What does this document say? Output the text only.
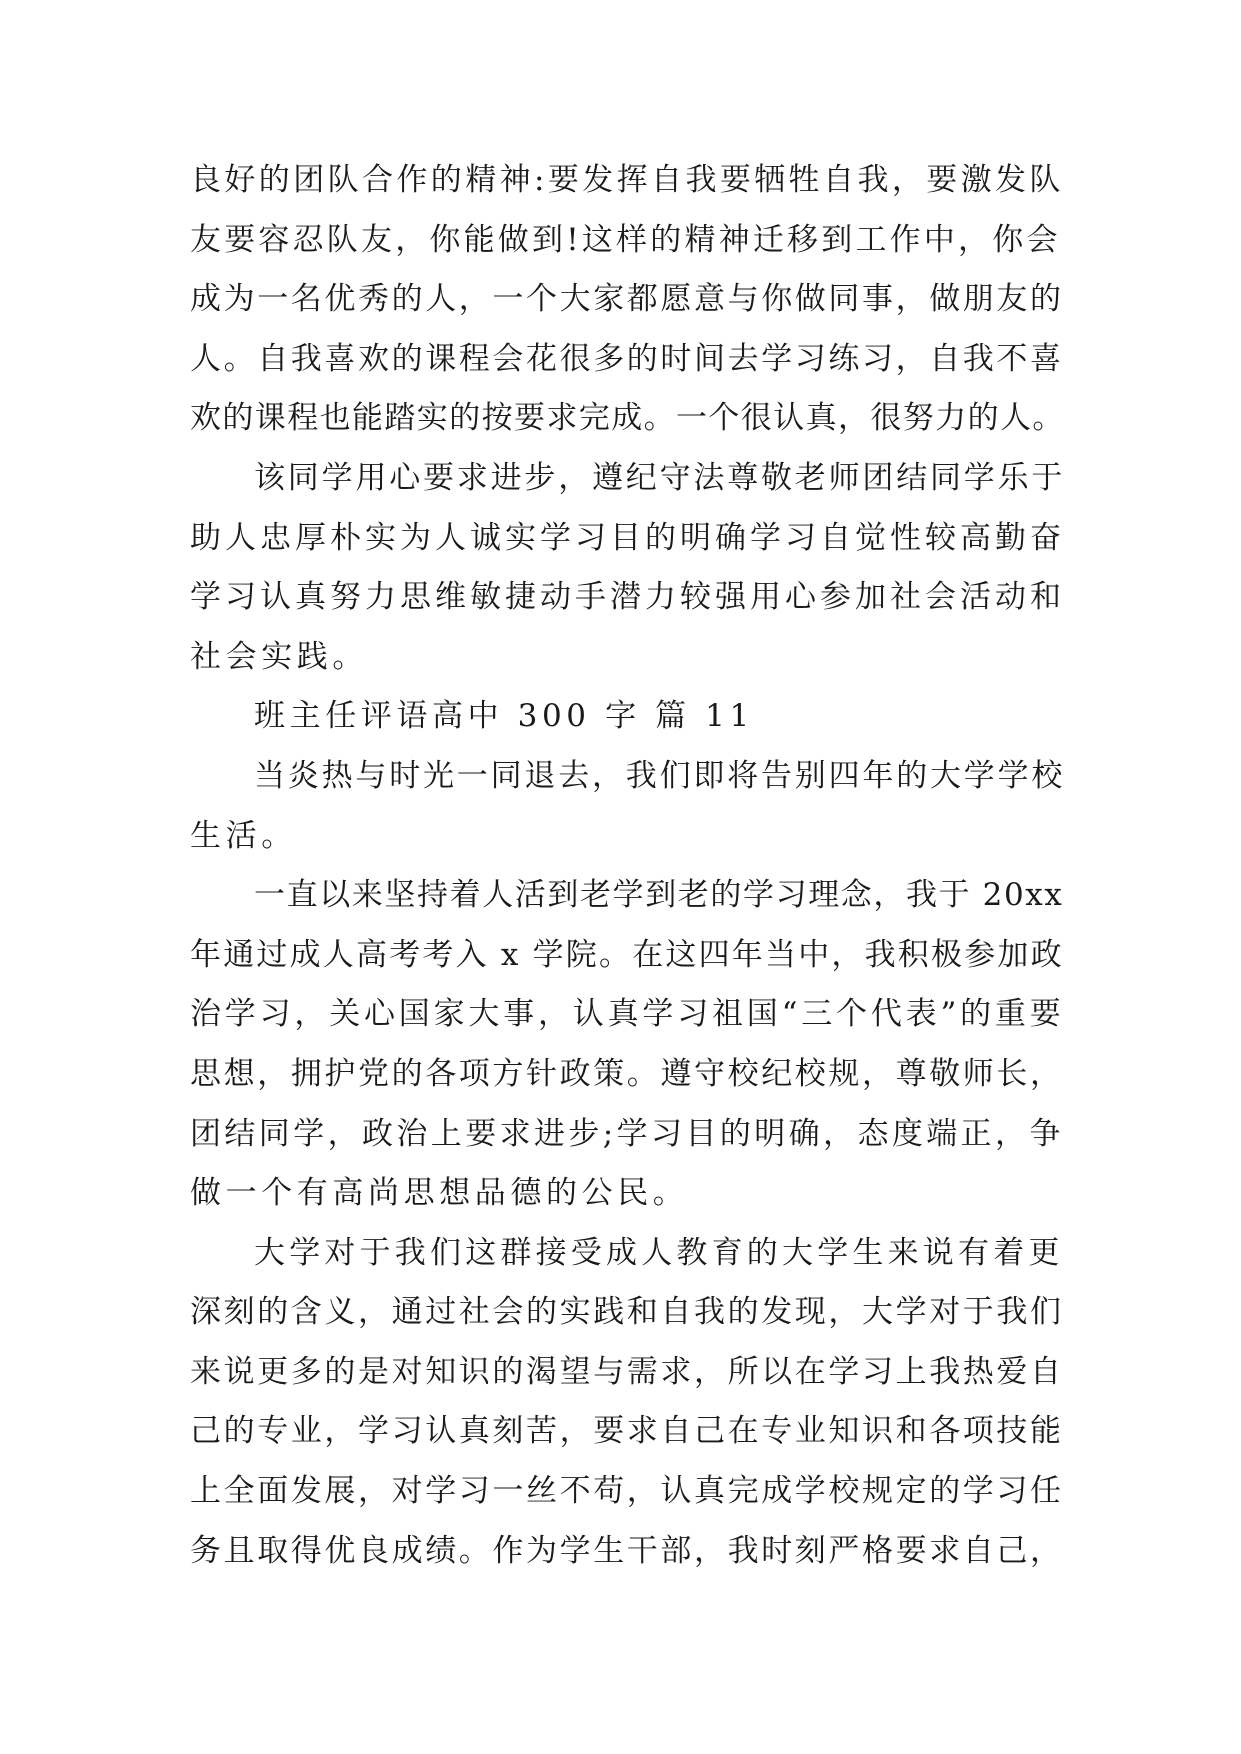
良好的团队合作的精神:要发挥自我要牺牲自我，要激发队
友要容忍队友，你能做到!这样的精神迁移到工作中，你会
成为一名优秀的人，一个大家都愿意与你做同事，做朋友的
人。自我喜欢的课程会花很多的时间去学习练习，自我不喜
欢的课程也能踏实的按要求完成。一个很认真，很努力的人。
该同学用心要求进步，遵纪守法尊敬老师团结同学乐于
助人忠厚朴实为人诚实学习目的明确学习自觉性较高勤奋
学习认真努力思维敏捷动手潜力较强用心参加社会活动和
社会实践。
班主任评语高中 300 字 篇 11
当炎热与时光一同退去，我们即将告别四年的大学学校
生活。
一直以来坚持着人活到老学到老的学习理念，我于 20xx
年通过成人高考考入 x 学院。在这四年当中，我积极参加政
治学习，关心国家大事，认真学习祖国“三个代表”的重要
思想，拥护党的各项方针政策。遵守校纪校规，尊敬师长，
团结同学，政治上要求进步;学习目的明确，态度端正，争
做一个有高尚思想品德的公民。
大学对于我们这群接受成人教育的大学生来说有着更
深刻的含义，通过社会的实践和自我的发现，大学对于我们
来说更多的是对知识的渴望与需求，所以在学习上我热爱自
己的专业，学习认真刻苦，要求自己在专业知识和各项技能
上全面发展，对学习一丝不苟，认真完成学校规定的学习任
务且取得优良成绩。作为学生干部，我时刻严格要求自己，
